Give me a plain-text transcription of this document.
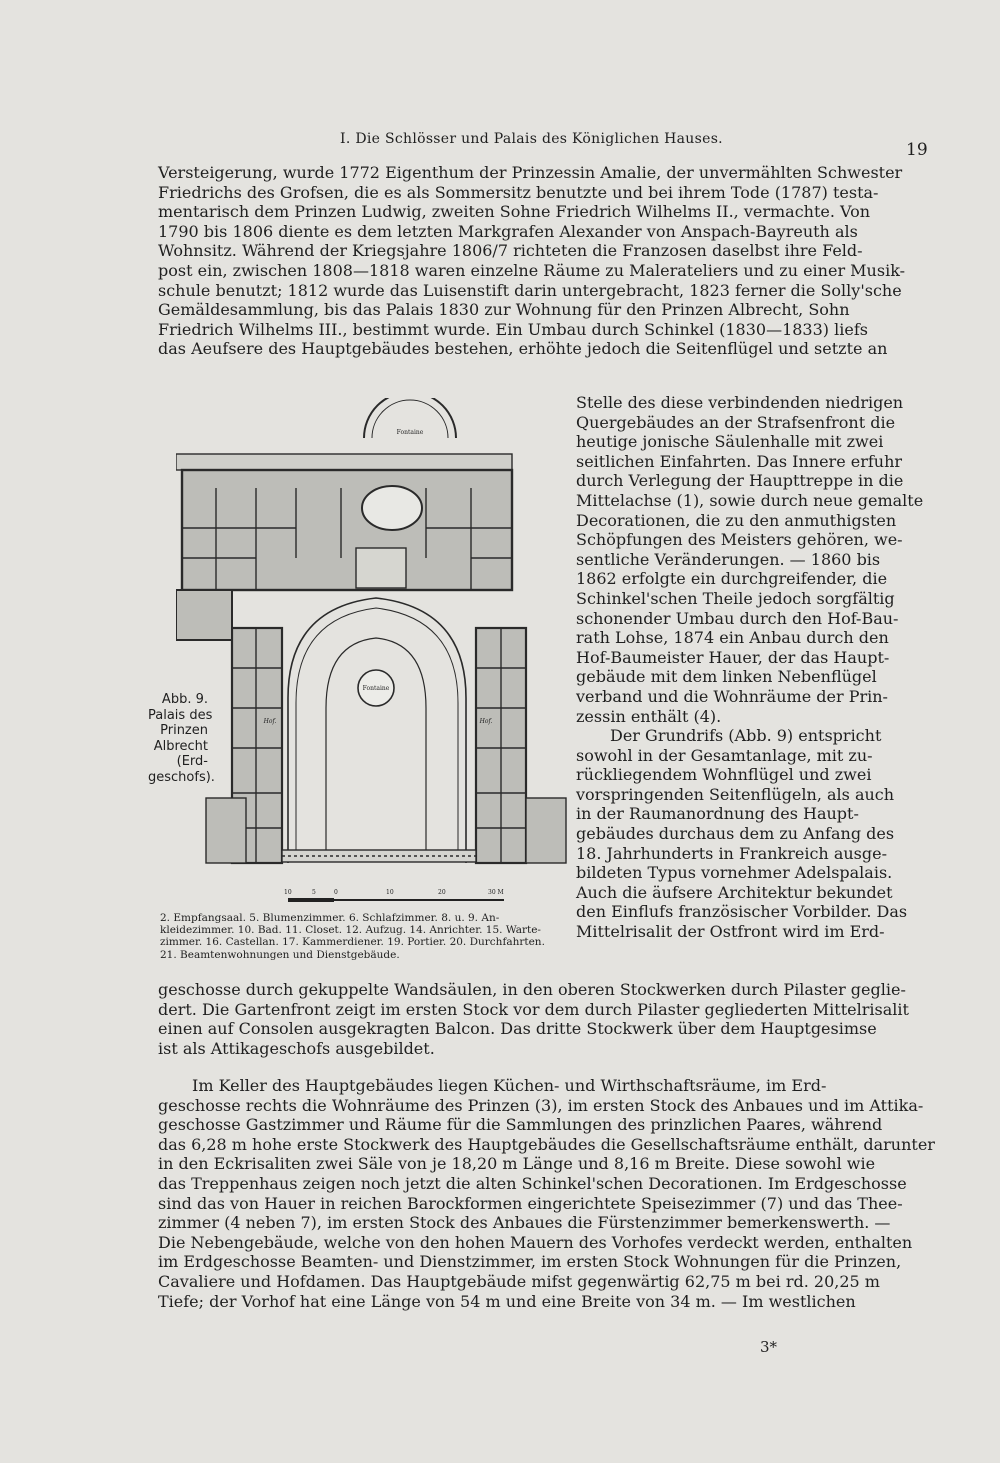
I. Die Schlösser und Palais des Königlichen Hauses.
19
Versteigerung, wurde 1772 Eigenthum der Prinzessin Amalie, der unvermählten Schwester
Friedrichs des Grofsen, die es als Sommersitz benutzte und bei ihrem Tode (1787) testa-
mentarisch dem Prinzen Ludwig, zweiten Sohne Friedrich Wilhelms II., vermachte. Von
1790 bis 1806 diente es dem letzten Markgrafen Alexander von Anspach-Bayreuth als
Wohnsitz. Während der Kriegsjahre 1806/7 richteten die Franzosen daselbst ihre Feld-
post ein, zwischen 1808—1818 waren einzelne Räume zu Malerateliers und zu einer Musik-
schule benutzt; 1812 wurde das Luisenstift darin untergebracht, 1823 ferner die Solly'sche
Gemäldesammlung, bis das Palais 1830 zur Wohnung für den Prinzen Albrecht, Sohn
Friedrich Wilhelms III., bestimmt wurde. Ein Umbau durch Schinkel (1830—1833) liefs
das Aeufsere des Hauptgebäudes bestehen, erhöhte jedoch die Seitenflügel und setzte an
Stelle des diese verbindenden niedrigen
Quergebäudes an der Strafsenfront die
heutige jonische Säulenhalle mit zwei
seitlichen Einfahrten. Das Innere erfuhr
durch Verlegung der Haupttreppe in die
Mittelachse (1), sowie durch neue gemalte
Decorationen, die zu den anmuthigsten
Schöpfungen des Meisters gehören, we-
sentliche Veränderungen. — 1860 bis
1862 erfolgte ein durchgreifender, die
Schinkel'schen Theile jedoch sorgfältig
schonender Umbau durch den Hof-Bau-
rath Lohse, 1874 ein Anbau durch den
Hof-Baumeister Hauer, der das Haupt-
gebäude mit dem linken Nebenflügel
verband und die Wohnräume der Prin-
zessin enthält (4).
Der Grundrifs (Abb. 9) entspricht
sowohl in der Gesamtanlage, mit zu-
rückliegendem Wohnflügel und zwei
vorspringenden Seitenflügeln, als auch
in der Raumanordnung des Haupt-
gebäudes durchaus dem zu Anfang des
18. Jahrhunderts in Frankreich ausge-
bildeten Typus vornehmer Adelspalais.
Auch die äufsere Architektur bekundet
den Einflufs französischer Vorbilder. Das
Mittelrisalit der Ostfront wird im Erd-
Fontaine
Fontaine
Hof.	Hof.
Abb. 9.
Palais des
Prinzen
Albrecht
(Erd-
geschofs).
10	5	0	10	20	30 M
2. Empfangsaal. 5. Blumenzimmer. 6. Schlafzimmer. 8. u. 9. An-
kleidezimmer. 10. Bad. 11. Closet. 12. Aufzug. 14. Anrichter. 15. Warte-
zimmer. 16. Castellan. 17. Kammerdiener. 19. Portier. 20. Durchfahrten.
21. Beamtenwohnungen und Dienstgebäude.
geschosse durch gekuppelte Wandsäulen, in den oberen Stockwerken durch Pilaster geglie-
dert. Die Gartenfront zeigt im ersten Stock vor dem durch Pilaster gegliederten Mittelrisalit
einen auf Consolen ausgekragten Balcon. Das dritte Stockwerk über dem Hauptgesimse
ist als Attikageschofs ausgebildet.
Im Keller des Hauptgebäudes liegen Küchen- und Wirthschaftsräume, im Erd-
geschosse rechts die Wohnräume des Prinzen (3), im ersten Stock des Anbaues und im Attika-
geschosse Gastzimmer und Räume für die Sammlungen des prinzlichen Paares, während
das 6,28 m hohe erste Stockwerk des Hauptgebäudes die Gesellschaftsräume enthält, darunter
in den Eckrisaliten zwei Säle von je 18,20 m Länge und 8,16 m Breite. Diese sowohl wie
das Treppenhaus zeigen noch jetzt die alten Schinkel'schen Decorationen. Im Erdgeschosse
sind das von Hauer in reichen Barockformen eingerichtete Speisezimmer (7) und das Thee-
zimmer (4 neben 7), im ersten Stock des Anbaues die Fürstenzimmer bemerkenswerth. —
Die Nebengebäude, welche von den hohen Mauern des Vorhofes verdeckt werden, enthalten
im Erdgeschosse Beamten- und Dienstzimmer, im ersten Stock Wohnungen für die Prinzen,
Cavaliere und Hofdamen. Das Hauptgebäude mifst gegenwärtig 62,75 m bei rd. 20,25 m
Tiefe; der Vorhof hat eine Länge von 54 m und eine Breite von 34 m. — Im westlichen
3*
